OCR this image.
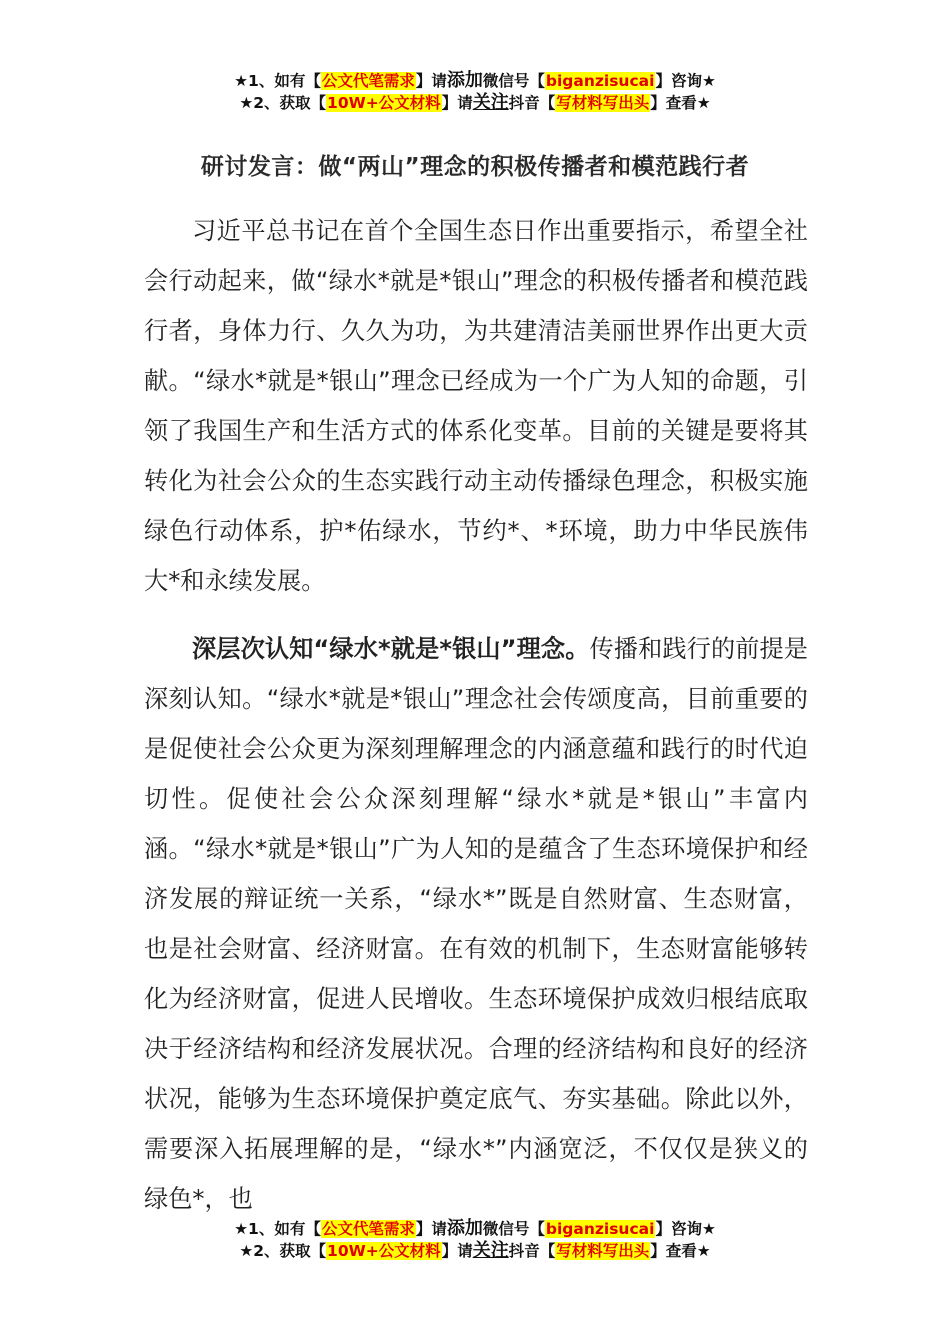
★1、如有【公文代笔需求】请添加微信号【biganzisucai】咨询★
★2、获取【10W+公文材料】请关注抖音【写材料写出头】查看★
研讨发言：做“两山”理念的积极传播者和模范践行者

习近平总书记在首个全国生态日作出重要指示，希望全社会行动起来，做“绿水*就是*银山”理念的积极传播者和模范践行者，身体力行、久久为功，为共建清洁美丽世界作出更大贡献。“绿水*就是*银山”理念已经成为一个广为人知的命题，引领了我国生产和生活方式的体系化变革。目前的关键是要将其转化为社会公众的生态实践行动主动传播绿色理念，积极实施绿色行动体系，护*佑绿水，节约*、*环境，助力中华民族伟大*和永续发展。

深层次认知“绿水*就是*银山”理念。传播和践行的前提是深刻认知。“绿水*就是*银山”理念社会传颂度高，目前重要的是促使社会公众更为深刻理解理念的内涵意蕴和践行的时代迫切性。促使社会公众深刻理解“绿水*就是*银山”丰富内涵。“绿水*就是*银山”广为人知的是蕴含了生态环境保护和经济发展的辩证统一关系，“绿水*”既是自然财富、生态财富，也是社会财富、经济财富。在有效的机制下，生态财富能够转化为经济财富，促进人民增收。生态环境保护成效归根结底取决于经济结构和经济发展状况。合理的经济结构和良好的经济状况，能够为生态环境保护奠定底气、夯实基础。除此以外，需要深入拓展理解的是，“绿水*”内涵宽泛，不仅仅是狭义的绿色*，也

★1、如有【公文代笔需求】请添加微信号【biganzisucai】咨询★
★2、获取【10W+公文材料】请关注抖音【写材料写出头】查看★
